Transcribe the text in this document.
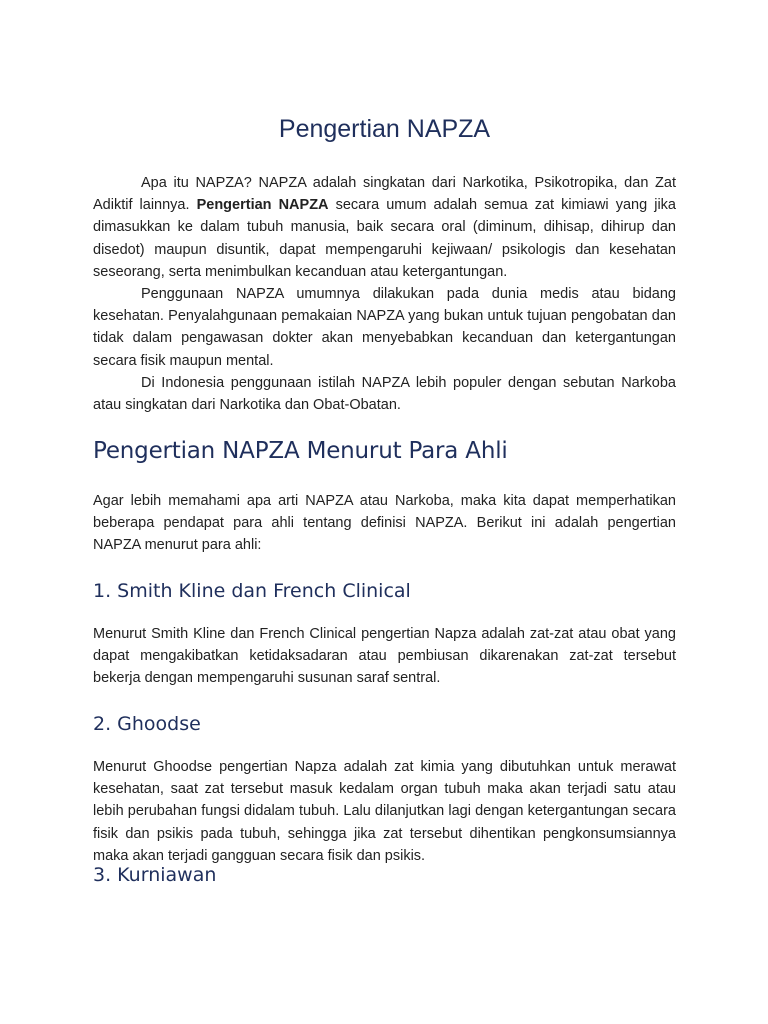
Pengertian NAPZA

Apa itu NAPZA? NAPZA adalah singkatan dari Narkotika, Psikotropika, dan Zat Adiktif lainnya. Pengertian NAPZA secara umum adalah semua zat kimiawi yang jika dimasukkan ke dalam tubuh manusia, baik secara oral (diminum, dihisap, dihirup dan disedot) maupun disuntik, dapat mempengaruhi kejiwaan/ psikologis dan kesehatan seseorang, serta menimbulkan kecanduan atau ketergantungan.

Penggunaan NAPZA umumnya dilakukan pada dunia medis atau bidang kesehatan. Penyalahgunaan pemakaian NAPZA yang bukan untuk tujuan pengobatan dan tidak dalam pengawasan dokter akan menyebabkan kecanduan dan ketergantungan secara fisik maupun mental.

Di Indonesia penggunaan istilah NAPZA lebih populer dengan sebutan Narkoba atau singkatan dari Narkotika dan Obat-Obatan.

Pengertian NAPZA Menurut Para Ahli

Agar lebih memahami apa arti NAPZA atau Narkoba, maka kita dapat memperhatikan beberapa pendapat para ahli tentang definisi NAPZA. Berikut ini adalah pengertian NAPZA menurut para ahli:

1. Smith Kline dan French Clinical

Menurut Smith Kline dan French Clinical pengertian Napza adalah zat-zat atau obat yang dapat mengakibatkan ketidaksadaran atau pembiusan dikarenakan zat-zat tersebut bekerja dengan mempengaruhi susunan saraf sentral.

2. Ghoodse

Menurut Ghoodse pengertian Napza adalah zat kimia yang dibutuhkan untuk merawat kesehatan, saat zat tersebut masuk kedalam organ tubuh maka akan terjadi satu atau lebih perubahan fungsi didalam tubuh. Lalu dilanjutkan lagi dengan ketergantungan secara fisik dan psikis pada tubuh, sehingga jika zat tersebut dihentikan pengkonsumsiannya maka akan terjadi gangguan secara fisik dan psikis.

3. Kurniawan
